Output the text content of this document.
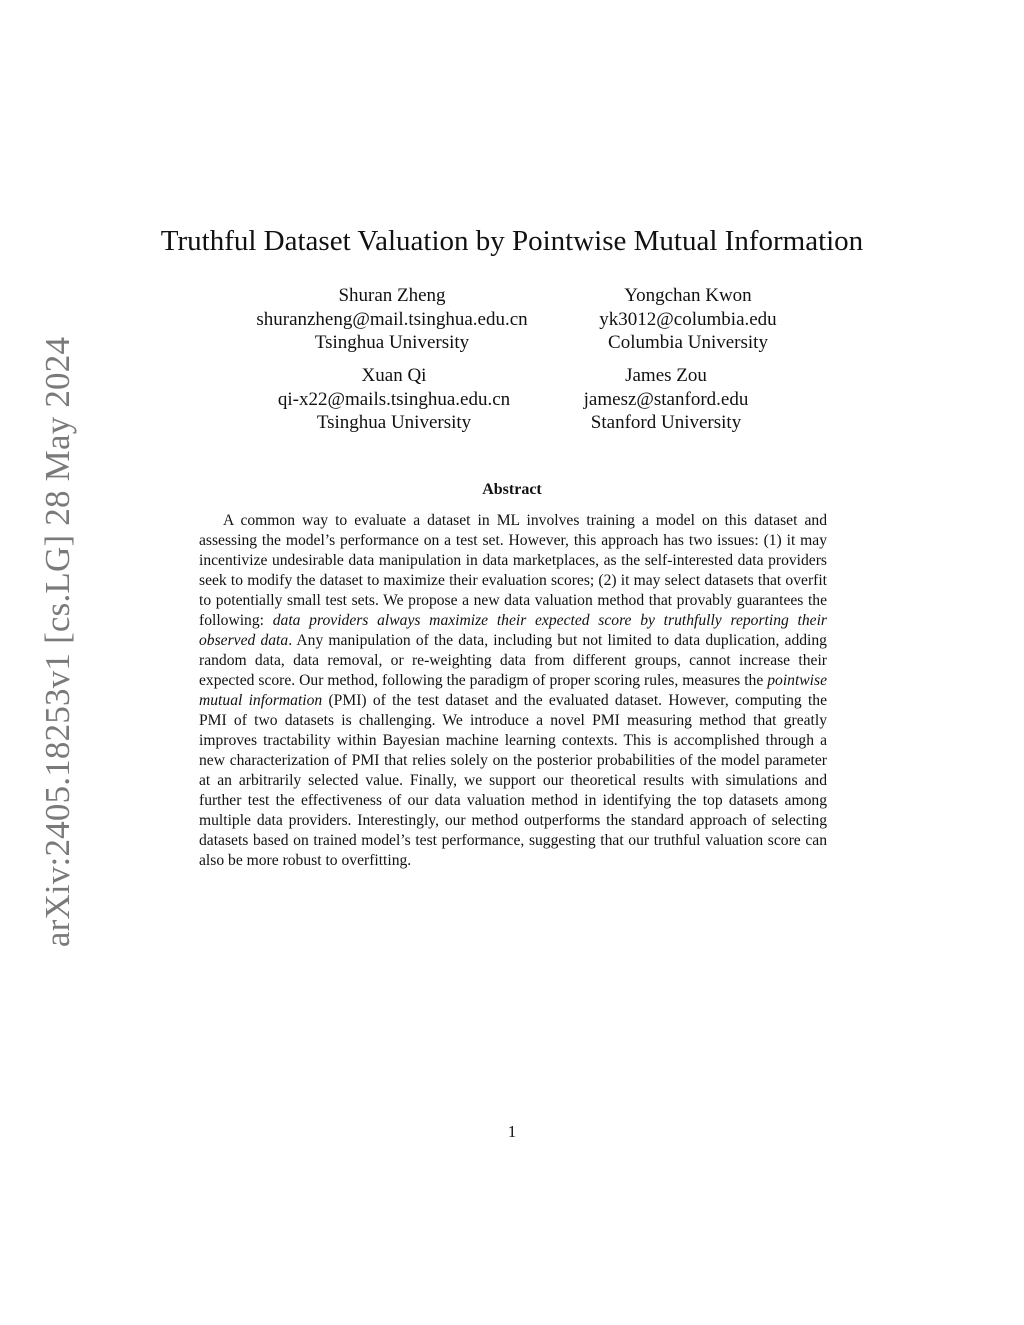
arXiv:2405.18253v1 [cs.LG] 28 May 2024
Truthful Dataset Valuation by Pointwise Mutual Information
Shuran Zheng
shuranzheng@mail.tsinghua.edu.cn
Tsinghua University
Yongchan Kwon
yk3012@columbia.edu
Columbia University
Xuan Qi
qi-x22@mails.tsinghua.edu.cn
Tsinghua University
James Zou
jamesz@stanford.edu
Stanford University
Abstract
A common way to evaluate a dataset in ML involves training a model on this dataset and assessing the model’s performance on a test set. However, this approach has two issues: (1) it may incentivize undesirable data manipulation in data marketplaces, as the self-interested data providers seek to modify the dataset to maximize their evaluation scores; (2) it may select datasets that overfit to potentially small test sets. We propose a new data valuation method that provably guarantees the following: data providers always maximize their expected score by truthfully reporting their observed data. Any manipulation of the data, including but not limited to data duplication, adding random data, data removal, or re-weighting data from different groups, cannot increase their expected score. Our method, following the paradigm of proper scoring rules, measures the pointwise mutual information (PMI) of the test dataset and the evaluated dataset. However, computing the PMI of two datasets is challenging. We introduce a novel PMI measuring method that greatly improves tractability within Bayesian machine learning contexts. This is accomplished through a new characterization of PMI that relies solely on the posterior probabilities of the model parameter at an arbitrarily selected value. Finally, we support our theoretical results with simulations and further test the effectiveness of our data valuation method in identifying the top datasets among multiple data providers. Interestingly, our method outperforms the standard approach of selecting datasets based on trained model’s test performance, suggesting that our truthful valuation score can also be more robust to overfitting.
1
